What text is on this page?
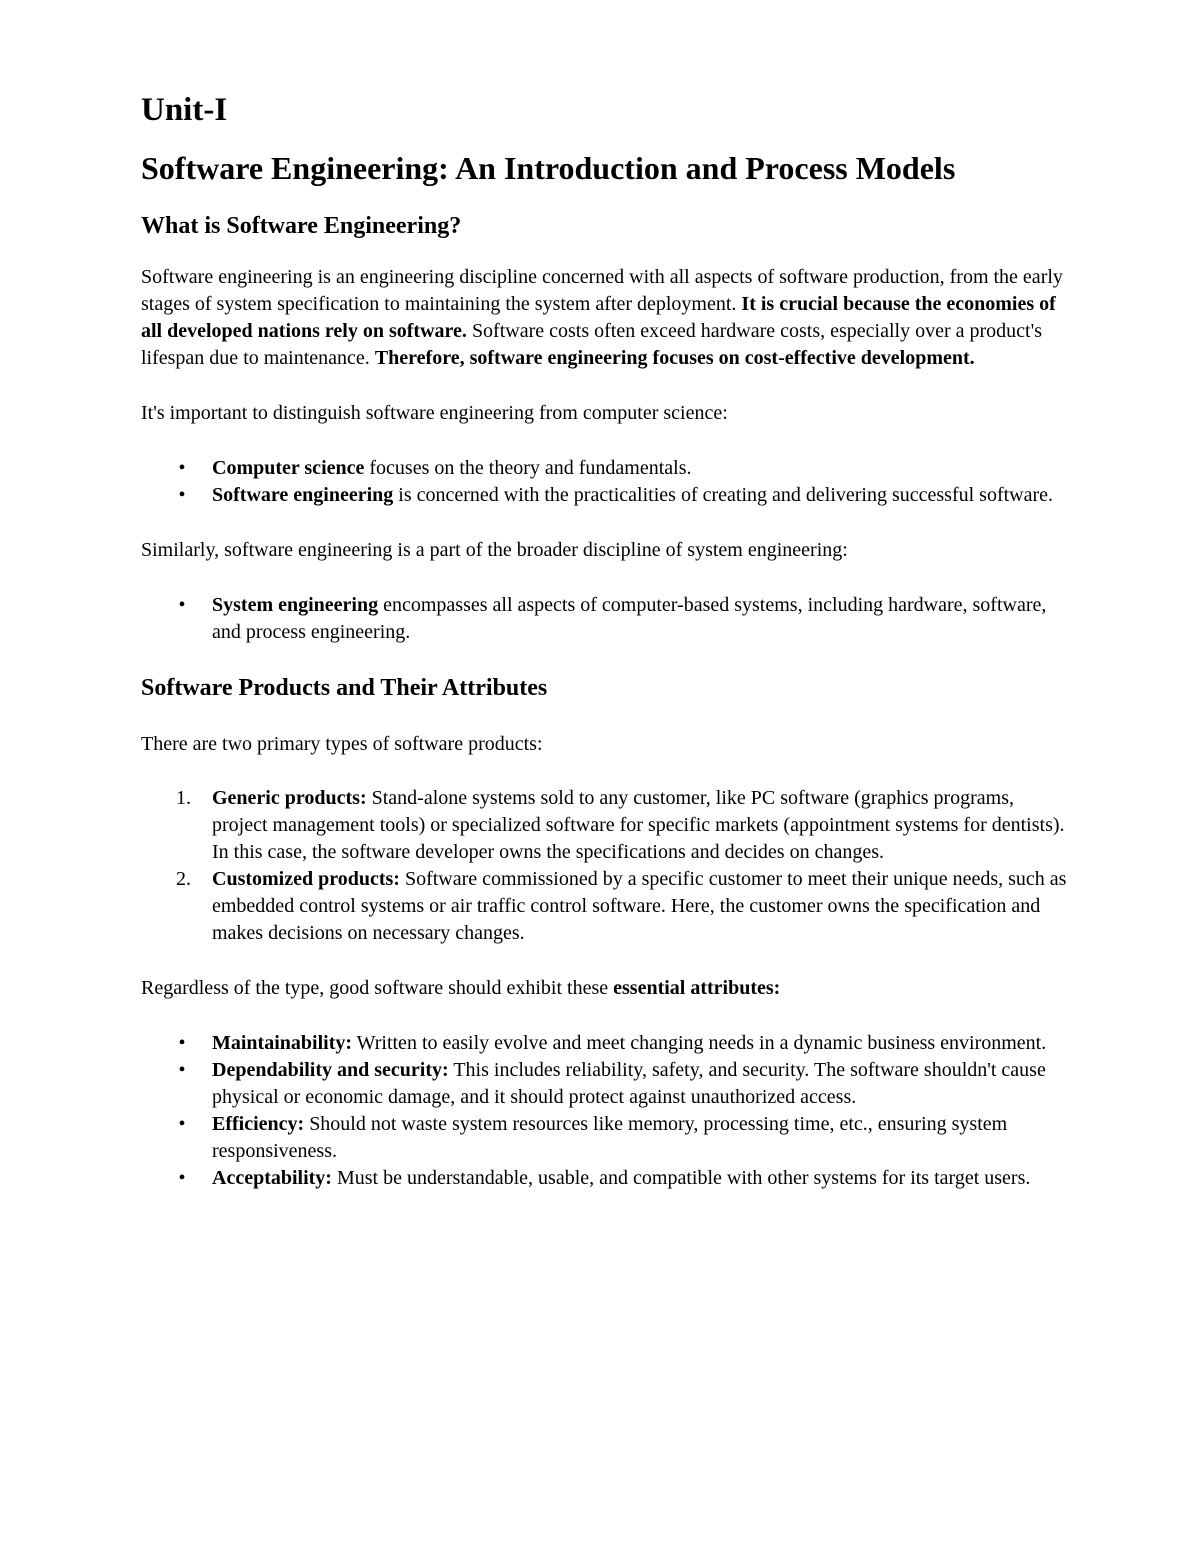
Unit-I
Software Engineering: An Introduction and Process Models
What is Software Engineering?

Software engineering is an engineering discipline concerned with all aspects of software production, from the early stages of system specification to maintaining the system after deployment. It is crucial because the economies of all developed nations rely on software. Software costs often exceed hardware costs, especially over a product's lifespan due to maintenance. Therefore, software engineering focuses on cost-effective development.

It's important to distinguish software engineering from computer science:

•	Computer science focuses on the theory and fundamentals.
•	Software engineering is concerned with the practicalities of creating and delivering successful software.

Similarly, software engineering is a part of the broader discipline of system engineering:

•	System engineering encompasses all aspects of computer-based systems, including hardware, software, and process engineering.
Software Products and Their Attributes

There are two primary types of software products:

1. Generic products: Stand-alone systems sold to any customer, like PC software (graphics programs, project management tools) or specialized software for specific markets (appointment systems for dentists). In this case, the software developer owns the specifications and decides on changes.
2. Customized products: Software commissioned by a specific customer to meet their unique needs, such as embedded control systems or air traffic control software. Here, the customer owns the specification and makes decisions on necessary changes.

Regardless of the type, good software should exhibit these essential attributes:

•	Maintainability: Written to easily evolve and meet changing needs in a dynamic business environment.
•	Dependability and security: This includes reliability, safety, and security. The software shouldn't cause physical or economic damage, and it should protect against unauthorized access.
•	Efficiency: Should not waste system resources like memory, processing time, etc., ensuring system responsiveness.
•	Acceptability: Must be understandable, usable, and compatible with other systems for its target users.
